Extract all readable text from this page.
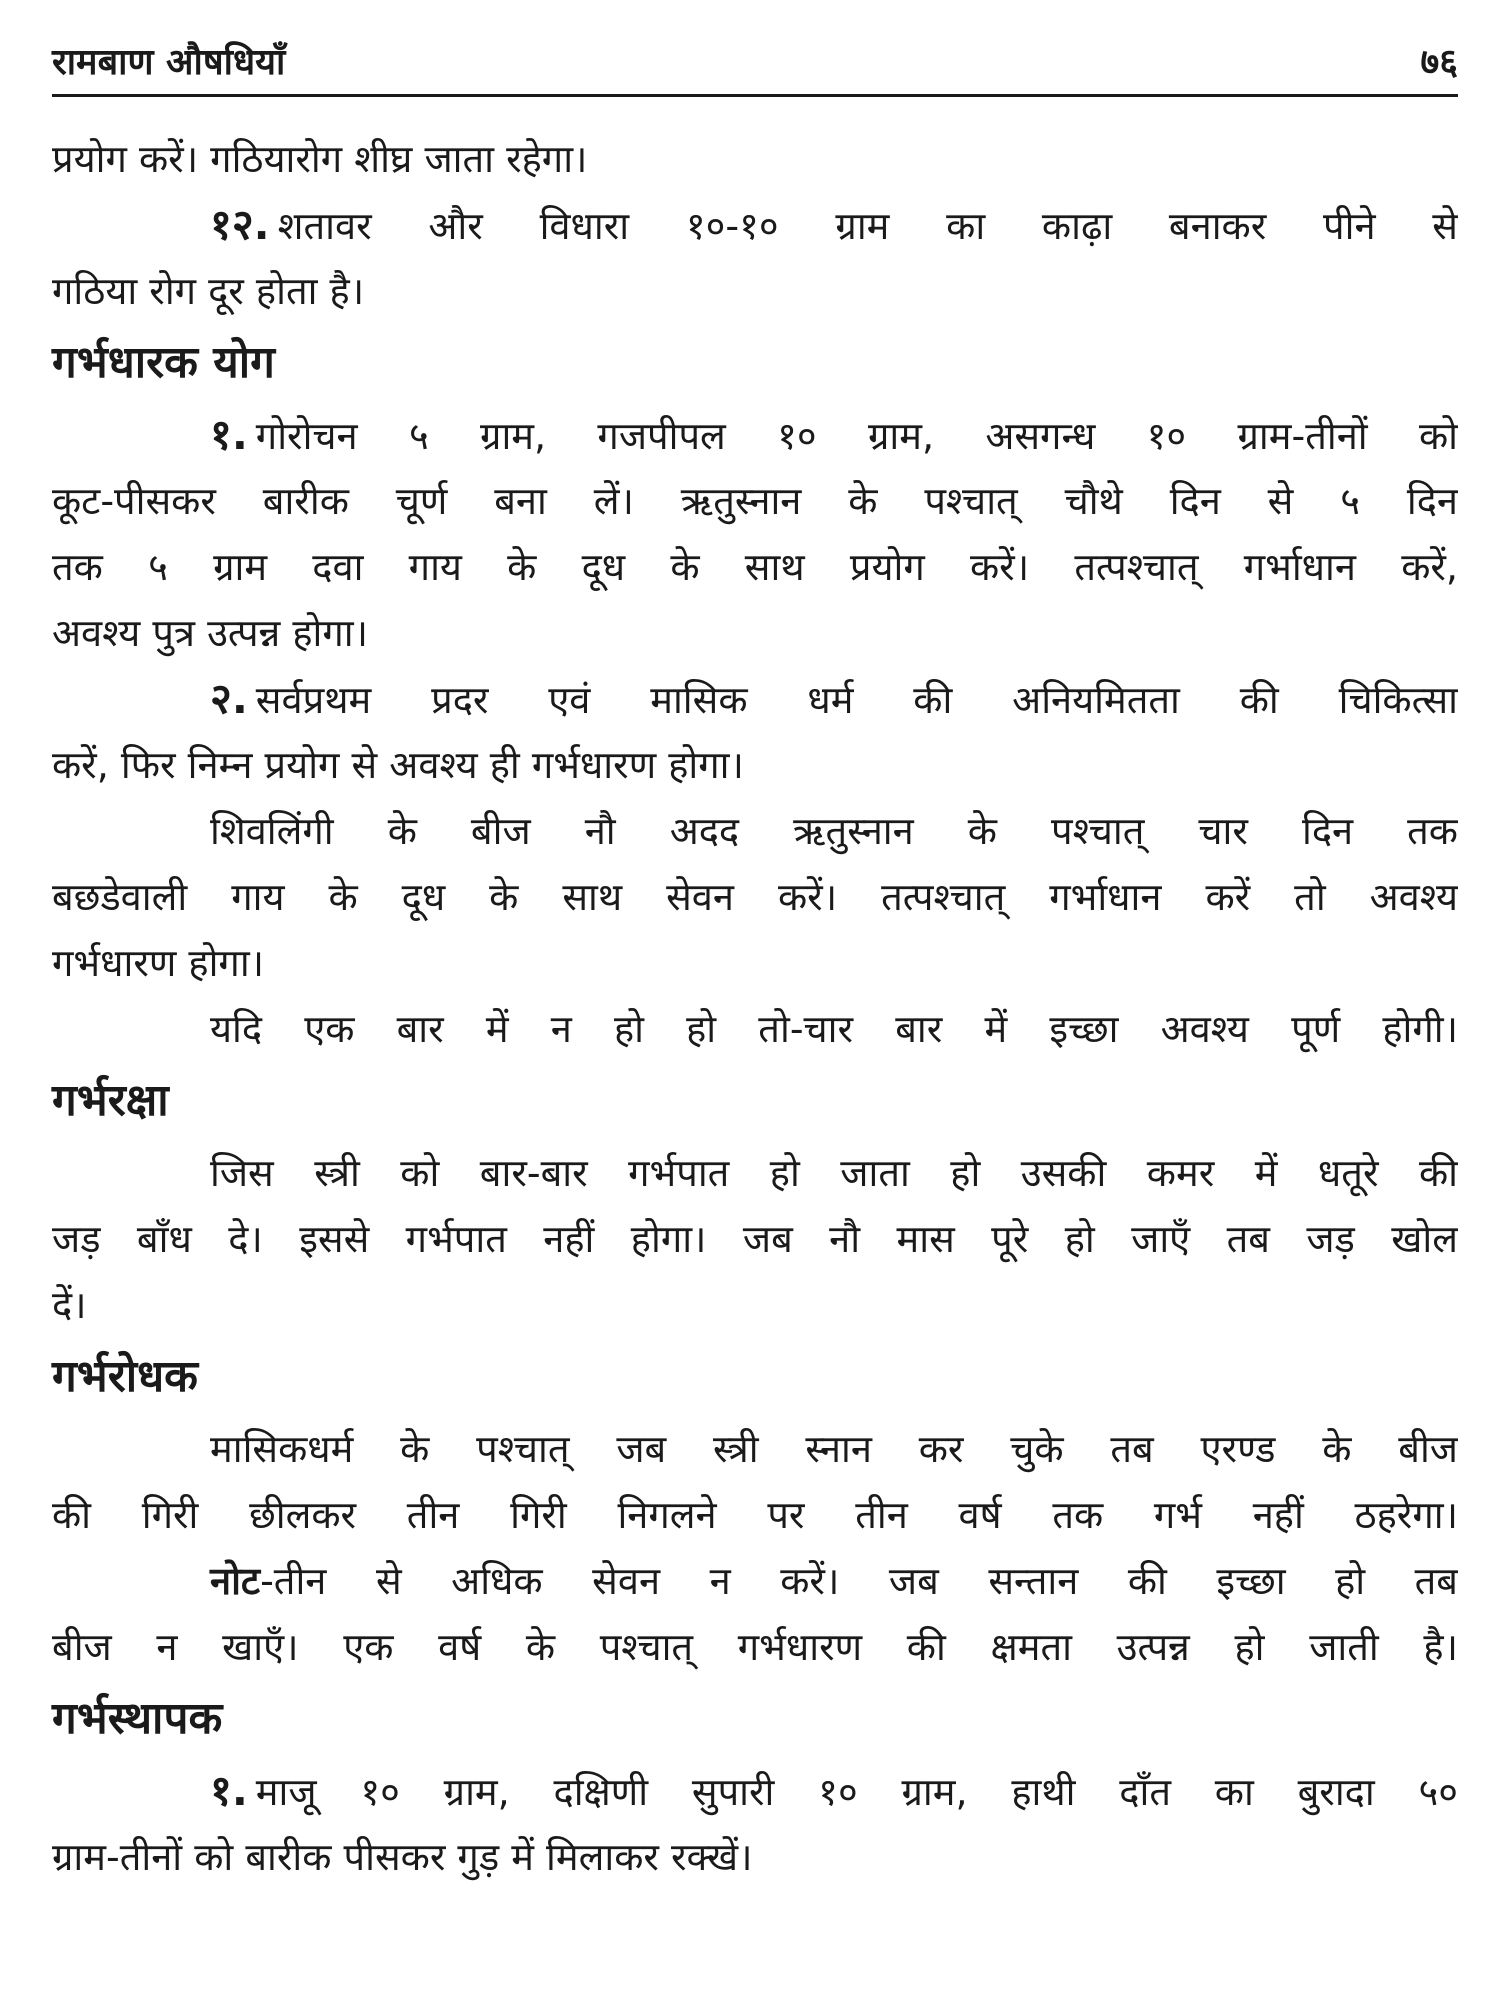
रामबाण औषधियाँ	७६
प्रयोग करें। गठियारोग शीघ्र जाता रहेगा।
१२. शतावर और विधारा १०-१० ग्राम का काढ़ा बनाकर पीने से
गठिया रोग दूर होता है।
गर्भधारक योग
१. गोरोचन ५ ग्राम, गजपीपल १० ग्राम, असगन्ध १० ग्राम-तीनों को
कूट-पीसकर बारीक चूर्ण बना लें। ऋतुस्नान के पश्चात् चौथे दिन से ५ दिन
तक ५ ग्राम दवा गाय के दूध के साथ प्रयोग करें। तत्पश्चात् गर्भाधान करें,
अवश्य पुत्र उत्पन्न होगा।
२. सर्वप्रथम प्रदर एवं मासिक धर्म की अनियमितता की चिकित्सा
करें, फिर निम्न प्रयोग से अवश्य ही गर्भधारण होगा।
शिवलिंगी के बीज नौ अदद ऋतुस्नान के पश्चात् चार दिन तक
बछडेवाली गाय के दूध के साथ सेवन करें। तत्पश्चात् गर्भाधान करें तो अवश्य
गर्भधारण होगा।
यदि एक बार में न हो हो तो-चार बार में इच्छा अवश्य पूर्ण होगी।
गर्भरक्षा
जिस स्त्री को बार-बार गर्भपात हो जाता हो उसकी कमर में धतूरे की
जड़ बाँध दे। इससे गर्भपात नहीं होगा। जब नौ मास पूरे हो जाएँ तब जड़ खोल
दें।
गर्भरोधक
मासिकधर्म के पश्चात् जब स्त्री स्नान कर चुके तब एरण्ड के बीज
की गिरी छीलकर तीन गिरी निगलने पर तीन वर्ष तक गर्भ नहीं ठहरेगा।
नोट-तीन से अधिक सेवन न करें। जब सन्तान की इच्छा हो तब
बीज न खाएँ। एक वर्ष के पश्चात् गर्भधारण की क्षमता उत्पन्न हो जाती है।
गर्भस्थापक
१. माजू १० ग्राम, दक्षिणी सुपारी १० ग्राम, हाथी दाँत का बुरादा ५०
ग्राम-तीनों को बारीक पीसकर गुड़ में मिलाकर रक्खें।
